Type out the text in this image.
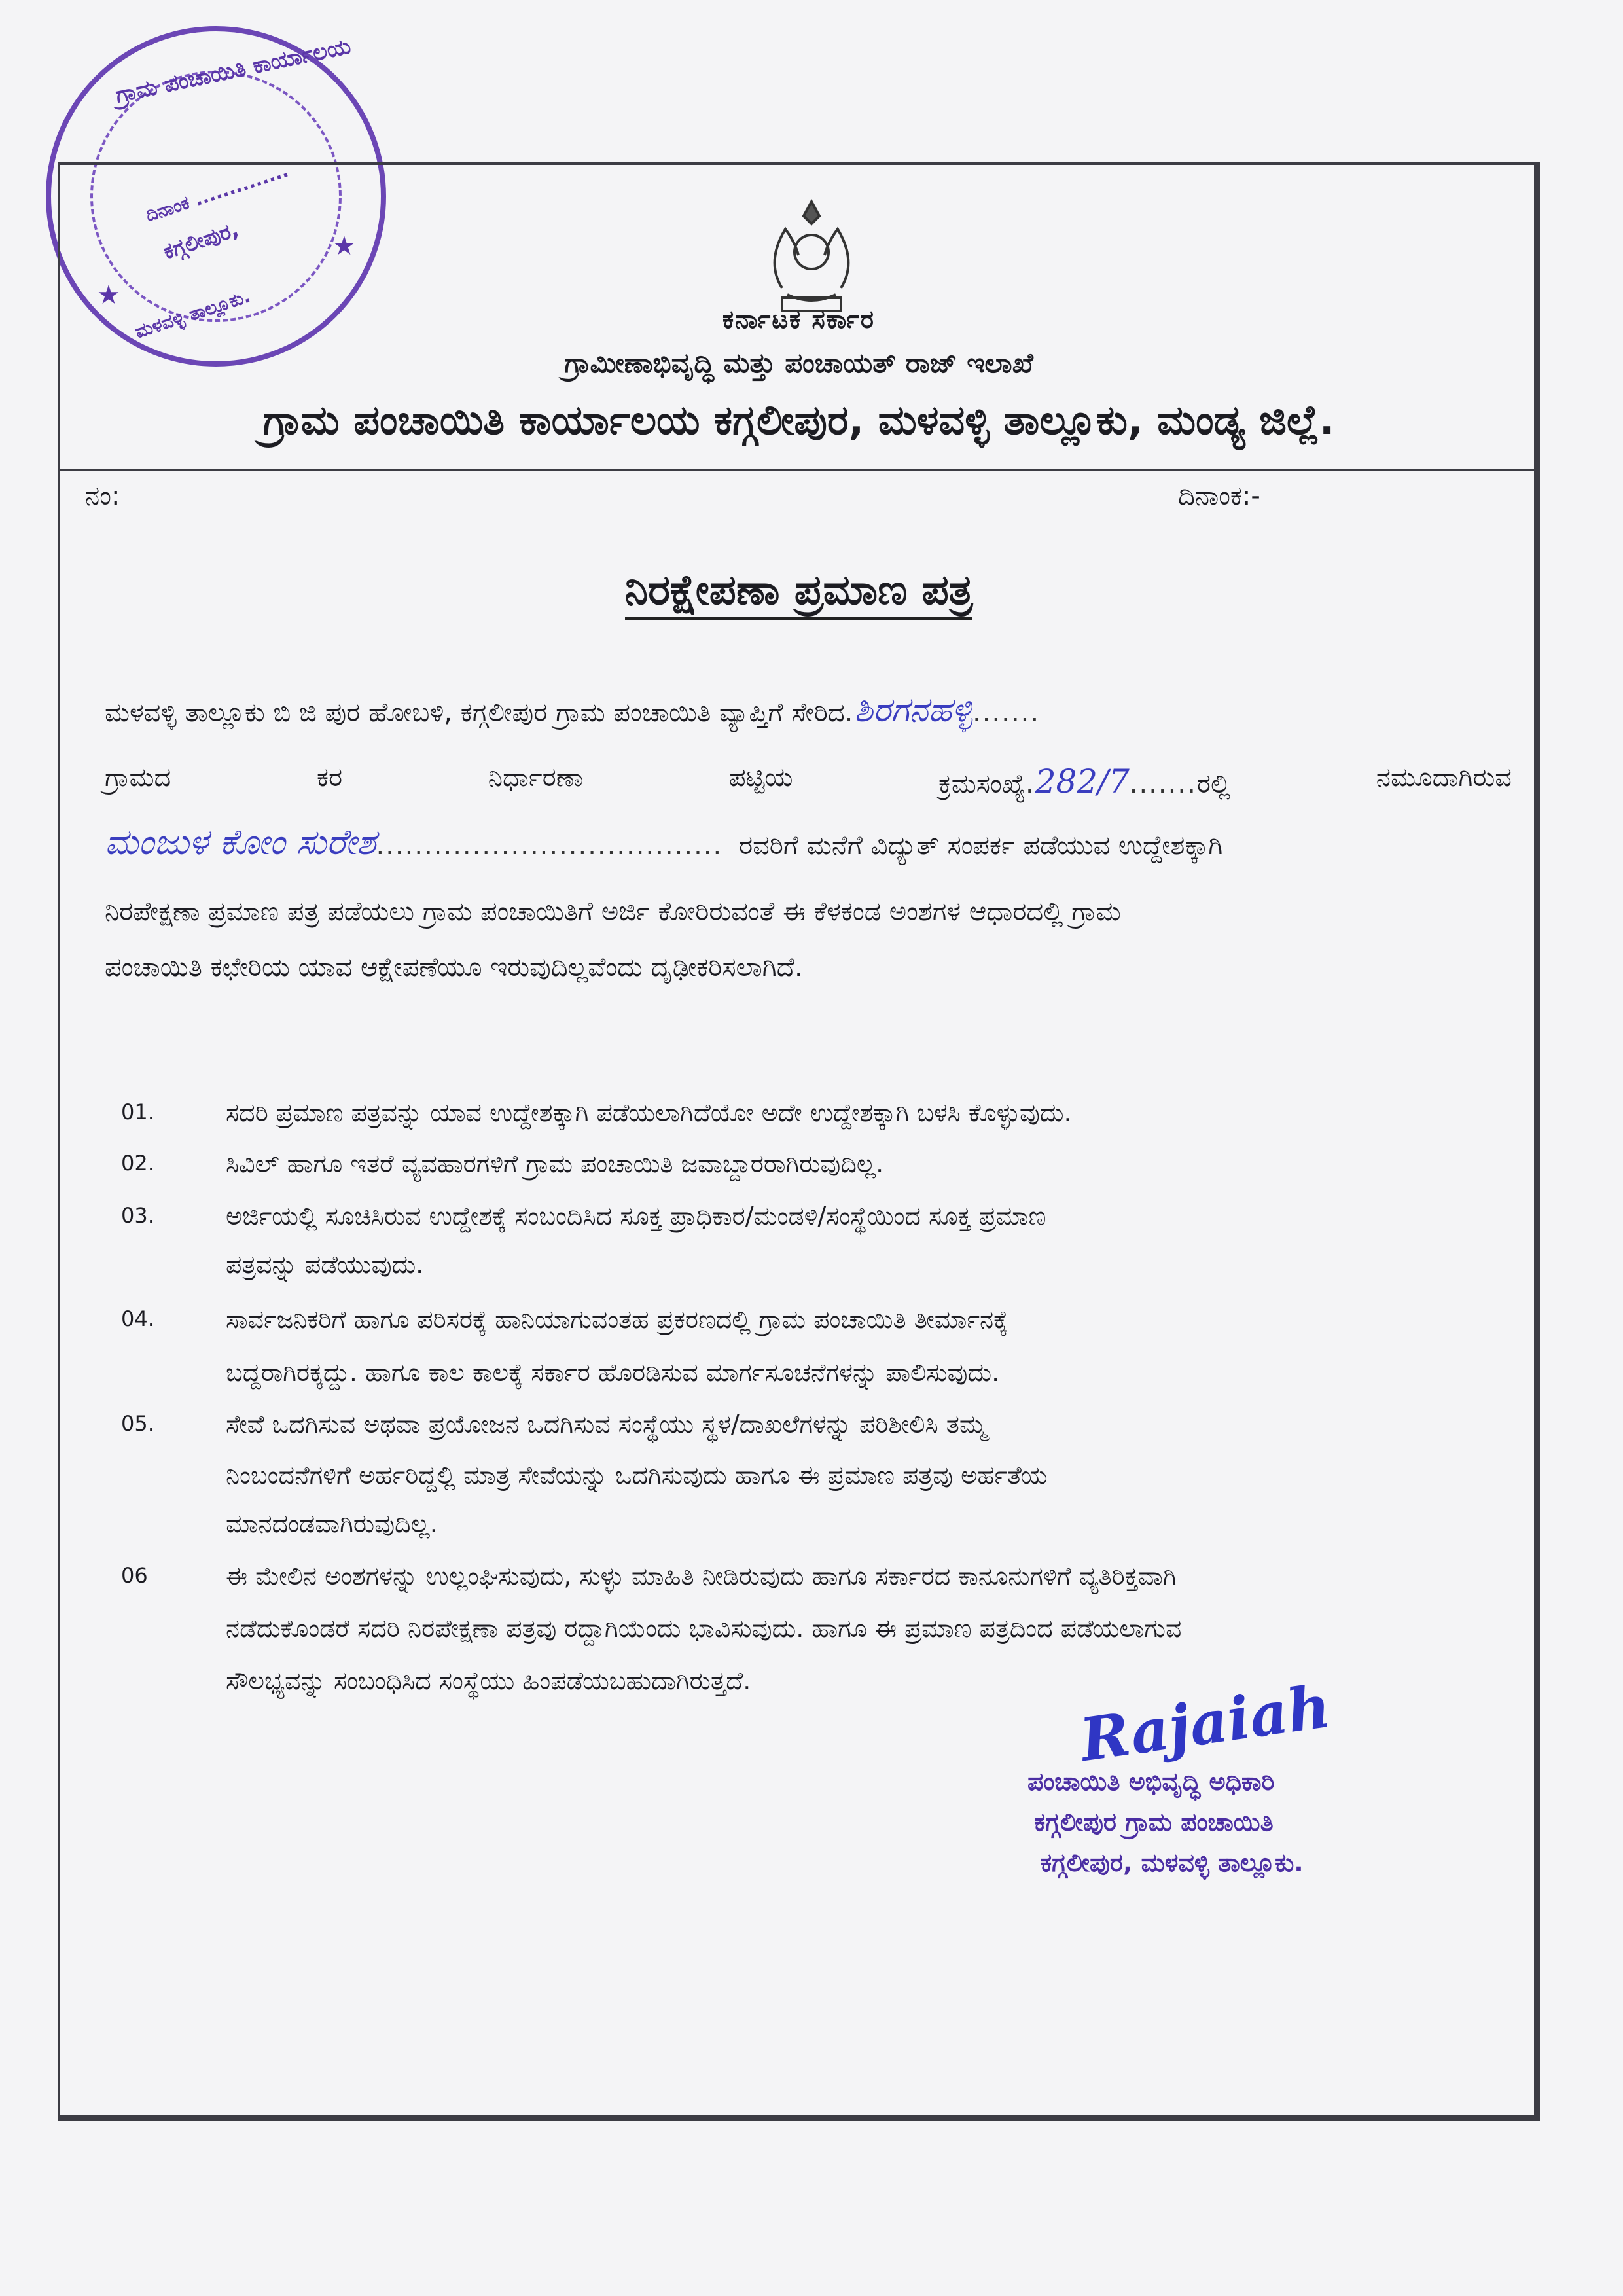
ಗ್ರಾಮ ಪಂಚಾಯಿತಿ ಕಾರ್ಯಾಲಯ
ದಿನಾಂಕ ..............
ಕಗ್ಗಲೀಪುರ,
ಮಳವಳ್ಳಿ ತಾಲ್ಲೂಕು.
★
★
ಕರ್ನಾಟಕ ಸರ್ಕಾರ
ಗ್ರಾಮೀಣಾಭಿವೃದ್ಧಿ ಮತ್ತು ಪಂಚಾಯತ್ ರಾಜ್ ಇಲಾಖೆ
ಗ್ರಾಮ ಪಂಚಾಯಿತಿ ಕಾರ್ಯಾಲಯ ಕಗ್ಗಲೀಪುರ, ಮಳವಳ್ಳಿ ತಾಲ್ಲೂಕು, ಮಂಡ್ಯ ಜಿಲ್ಲೆ.
ನಂ:	ದಿನಾಂಕ:-
ನಿರಕ್ಷೇಪಣಾ ಪ್ರಮಾಣ ಪತ್ರ
ಮಳವಳ್ಳಿ ತಾಲ್ಲೂಕು ಬಿ ಜಿ ಪುರ ಹೋಬಳಿ, ಕಗ್ಗಲೀಪುರ ಗ್ರಾಮ ಪಂಚಾಯಿತಿ ವ್ಯಾಪ್ತಿಗೆ ಸೇರಿದ.ಶಿರಗನಹಳ್ಳಿ.......
ಗ್ರಾಮದ	ಕರ	ನಿರ್ಧಾರಣಾ	ಪಟ್ಟಿಯ	ಕ್ರಮಸಂಖ್ಯೆ.282/7.......ರಲ್ಲಿ	ನಮೂದಾಗಿರುವ
ಮಂಜುಳ ಕೋಂ ಸುರೇಶ.................................... ರವರಿಗೆ ಮನೆಗೆ ವಿದ್ಯುತ್ ಸಂಪರ್ಕ ಪಡೆಯುವ ಉದ್ದೇಶಕ್ಕಾಗಿ
ನಿರಪೇಕ್ಷಣಾ ಪ್ರಮಾಣ ಪತ್ರ ಪಡೆಯಲು ಗ್ರಾಮ ಪಂಚಾಯಿತಿಗೆ ಅರ್ಜಿ ಕೋರಿರುವಂತೆ ಈ ಕೆಳಕಂಡ ಅಂಶಗಳ ಆಧಾರದಲ್ಲಿ ಗ್ರಾಮ
ಪಂಚಾಯಿತಿ ಕಛೇರಿಯ ಯಾವ ಆಕ್ಷೇಪಣೆಯೂ ಇರುವುದಿಲ್ಲವೆಂದು ದೃಢೀಕರಿಸಲಾಗಿದೆ.
01.	ಸದರಿ ಪ್ರಮಾಣ ಪತ್ರವನ್ನು ಯಾವ ಉದ್ದೇಶಕ್ಕಾಗಿ ಪಡೆಯಲಾಗಿದೆಯೋ ಅದೇ ಉದ್ದೇಶಕ್ಕಾಗಿ ಬಳಸಿ ಕೊಳ್ಳುವುದು.
02.	ಸಿವಿಲ್ ಹಾಗೂ ಇತರೆ ವ್ಯವಹಾರಗಳಿಗೆ ಗ್ರಾಮ ಪಂಚಾಯಿತಿ ಜವಾಬ್ದಾರರಾಗಿರುವುದಿಲ್ಲ.
03.	ಅರ್ಜಿಯಲ್ಲಿ ಸೂಚಿಸಿರುವ ಉದ್ದೇಶಕ್ಕೆ ಸಂಬಂದಿಸಿದ ಸೂಕ್ತ ಪ್ರಾಧಿಕಾರ/ಮಂಡಳಿ/ಸಂಸ್ಥೆಯಿಂದ ಸೂಕ್ತ ಪ್ರಮಾಣ
ಪತ್ರವನ್ನು ಪಡೆಯುವುದು.
04.	ಸಾರ್ವಜನಿಕರಿಗೆ ಹಾಗೂ ಪರಿಸರಕ್ಕೆ ಹಾನಿಯಾಗುವಂತಹ ಪ್ರಕರಣದಲ್ಲಿ ಗ್ರಾಮ ಪಂಚಾಯಿತಿ ತೀರ್ಮಾನಕ್ಕೆ
ಬದ್ದರಾಗಿರಕ್ಕದ್ದು. ಹಾಗೂ ಕಾಲ ಕಾಲಕ್ಕೆ ಸರ್ಕಾರ ಹೊರಡಿಸುವ ಮಾರ್ಗಸೂಚನೆಗಳನ್ನು ಪಾಲಿಸುವುದು.
05.	ಸೇವೆ ಒದಗಿಸುವ ಅಥವಾ ಪ್ರಯೋಜನ ಒದಗಿಸುವ ಸಂಸ್ಥೆಯು ಸ್ಥಳ/ದಾಖಲೆಗಳನ್ನು ಪರಿಶೀಲಿಸಿ ತಮ್ಮ
ನಿಂಬಂದನೆಗಳಿಗೆ ಅರ್ಹರಿದ್ದಲ್ಲಿ ಮಾತ್ರ ಸೇವೆಯನ್ನು ಒದಗಿಸುವುದು ಹಾಗೂ ಈ ಪ್ರಮಾಣ ಪತ್ರವು ಅರ್ಹತೆಯ
ಮಾನದಂಡವಾಗಿರುವುದಿಲ್ಲ.
06	ಈ ಮೇಲಿನ ಅಂಶಗಳನ್ನು ಉಲ್ಲಂಘಿಸುವುದು, ಸುಳ್ಳು ಮಾಹಿತಿ ನೀಡಿರುವುದು ಹಾಗೂ ಸರ್ಕಾರದ ಕಾನೂನುಗಳಿಗೆ ವ್ಯತಿರಿಕ್ತವಾಗಿ
ನಡೆದುಕೊಂಡರೆ ಸದರಿ ನಿರಪೇಕ್ಷಣಾ ಪತ್ರವು ರದ್ದಾಗಿಯೆಂದು ಭಾವಿಸುವುದು. ಹಾಗೂ ಈ ಪ್ರಮಾಣ ಪತ್ರದಿಂದ ಪಡೆಯಲಾಗುವ
ಸೌಲಭ್ಯವನ್ನು ಸಂಬಂಧಿಸಿದ ಸಂಸ್ಥೆಯು ಹಿಂಪಡೆಯಬಹುದಾಗಿರುತ್ತದೆ.	Rajaiah
ಪಂಚಾಯಿತಿ ಅಭಿವೃದ್ಧಿ ಅಧಿಕಾರಿ
ಕಗ್ಗಲೀಪುರ ಗ್ರಾಮ ಪಂಚಾಯಿತಿ
ಕಗ್ಗಲೀಪುರ, ಮಳವಳ್ಳಿ ತಾಲ್ಲೂಕು.
